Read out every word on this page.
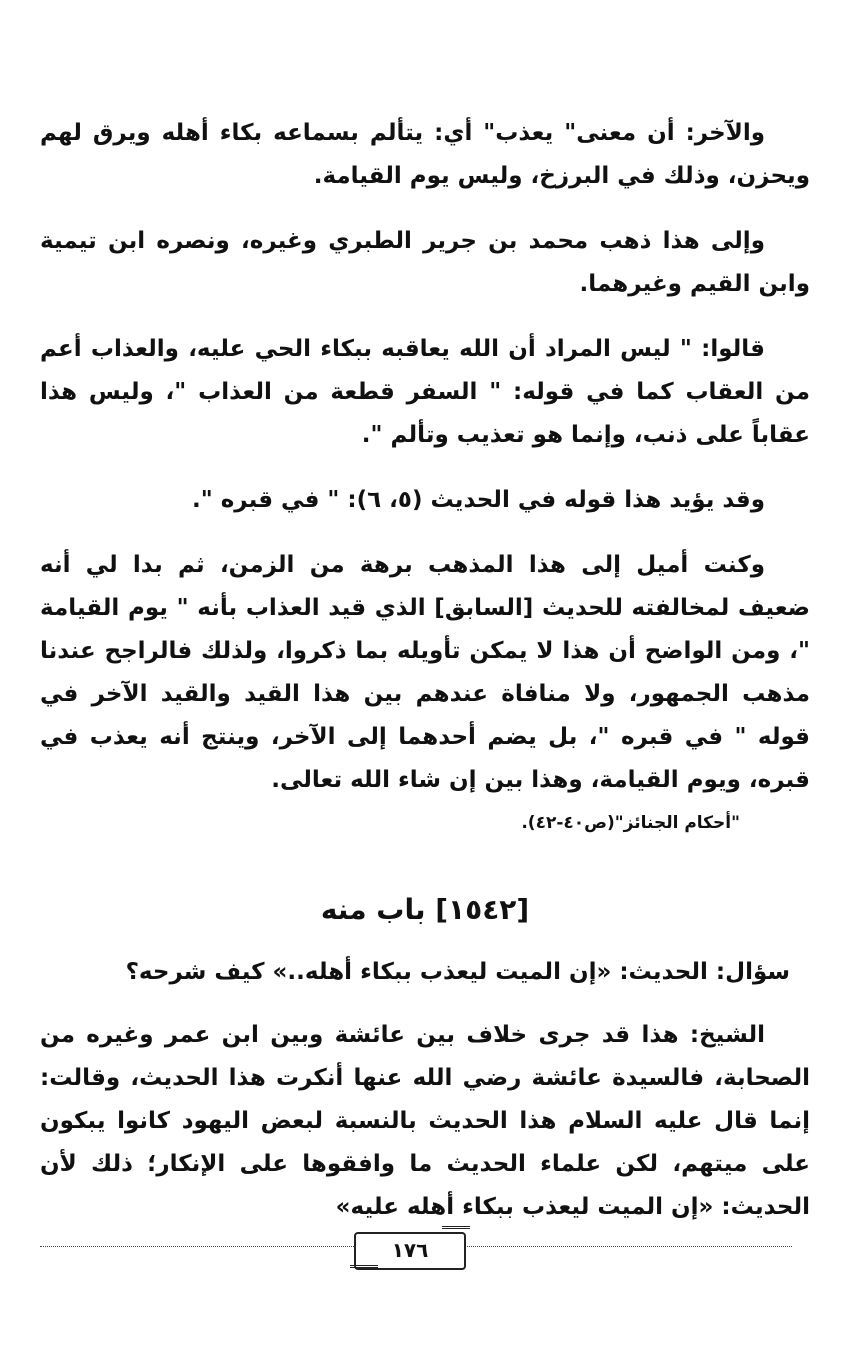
والآخر: أن معنى" يعذب" أي: يتألم بسماعه بكاء أهله ويرق لهم ويحزن، وذلك في البرزخ، وليس يوم القيامة.

وإلى هذا ذهب محمد بن جرير الطبري وغيره، ونصره ابن تيمية وابن القيم وغيرهما.

قالوا: " ليس المراد أن الله يعاقبه ببكاء الحي عليه، والعذاب أعم من العقاب كما في قوله: " السفر قطعة من العذاب "، وليس هذا عقاباً على ذنب، وإنما هو تعذيب وتألم ".

وقد يؤيد هذا قوله في الحديث (٥، ٦): " في قبره ".

وكنت أميل إلى هذا المذهب برهة من الزمن، ثم بدا لي أنه ضعيف لمخالفته للحديث [السابق] الذي قيد العذاب بأنه " يوم القيامة "، ومن الواضح أن هذا لا يمكن تأويله بما ذكروا، ولذلك فالراجح عندنا مذهب الجمهور، ولا منافاة عندهم بين هذا القيد والقيد الآخر في قوله " في قبره "، بل يضم أحدهما إلى الآخر، وينتج أنه يعذب في قبره، ويوم القيامة، وهذا بين إن شاء الله تعالى.

"أحكام الجنائز"(ص٤٠-٤٢).
[١٥٤٢] باب منه
سؤال: الحديث: «إن الميت ليعذب ببكاء أهله..» كيف شرحه؟

الشيخ: هذا قد جرى خلاف بين عائشة وبين ابن عمر وغيره من الصحابة، فالسيدة عائشة رضي الله عنها أنكرت هذا الحديث، وقالت: إنما قال عليه السلام هذا الحديث بالنسبة لبعض اليهود كانوا يبكون على ميتهم، لكن علماء الحديث ما وافقوها على الإنكار؛ ذلك لأن الحديث: «إن الميت ليعذب ببكاء أهله عليه»

١٧٦
